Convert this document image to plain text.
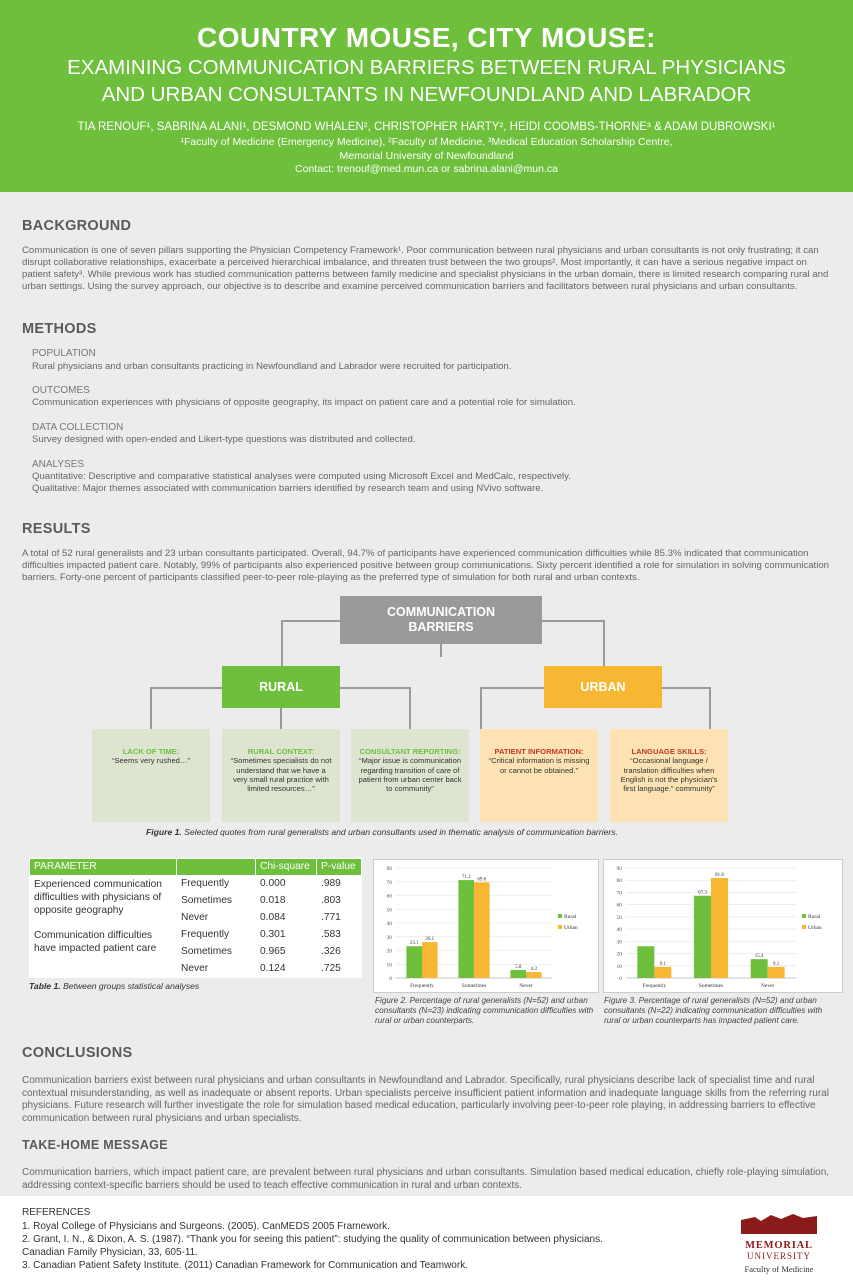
COUNTRY MOUSE, CITY MOUSE:
EXAMINING COMMUNICATION BARRIERS BETWEEN RURAL PHYSICIANS
AND URBAN CONSULTANTS IN NEWFOUNDLAND AND LABRADOR
TIA RENOUF¹, SABRINA ALANI¹, DESMOND WHALEN², CHRISTOPHER HARTY², HEIDI COOMBS-THORNE³ & ADAM DUBROWSKI¹
¹Faculty of Medicine (Emergency Medicine), ²Faculty of Medicine, ³Medical Education Scholarship Centre,
Memorial University of Newfoundland
Contact: trenouf@med.mun.ca or sabrina.alani@mun.ca
BACKGROUND
Communication is one of seven pillars supporting the Physician Competency Framework¹. Poor communication between rural physicians and urban consultants is not only frustrating; it can disrupt collaborative relationships, exacerbate a perceived hierarchical imbalance, and threaten trust between the two groups². Most importantly, it can have a serious negative impact on patient safety³. While previous work has studied communication patterns between family medicine and specialist physicians in the urban domain, there is limited research comparing rural and urban settings. Using the survey approach, our objective is to describe and examine perceived communication barriers and facilitators between rural physicians and urban consultants.
METHODS
POPULATION
Rural physicians and urban consultants practicing in Newfoundland and Labrador were recruited for participation.
OUTCOMES
Communication experiences with physicians of opposite geography, its impact on patient care and a potential role for simulation.
DATA COLLECTION
Survey designed with open-ended and Likert-type questions was distributed and collected.
ANALYSES
Quantitative: Descriptive and comparative statistical analyses were computed using Microsoft Excel and MedCalc, respectively.
Qualitative: Major themes associated with communication barriers identified by research team and using NVivo software.
RESULTS
A total of 52 rural generalists and 23 urban consultants participated. Overall, 94.7% of participants have experienced communication difficulties while 85.3% indicated that communication difficulties impacted patient care. Notably, 99% of participants also experienced positive between group communications. Sixty percent identified a role for simulation in solving communication barriers. Forty-one percent of participants classified peer-to-peer role-playing as the preferred type of simulation for both rural and urban contexts.
COMMUNICATION
BARRIERS
RURAL	URBAN
LACK OF TIME:
“Seems very rushed…”
RURAL CONTEXT:
“Sometimes specialists do not understand that we have a very small rural practice with limited resources…”
CONSULTANT REPORTING:
“Major issue is communication regarding transition of care of patient from urban center back to community”
PATIENT INFORMATION:
“Critical information is missing or cannot be obtained.”
LANGUAGE SKILLS:
“Occasional language / translation difficulties when English is not the physician's first language.” community”
Figure 1. Selected quotes from rural generalists and urban consultants used in thematic analysis of communication barriers.
PARAMETER		Chi-square	P-value
Experienced communication difficulties with physicians of opposite geography	Frequently	0.000	.989
	Sometimes	0.018	.803
	Never	0.084	.771
Communication difficulties have impacted patient care	Frequently	0.301	.583
	Sometimes	0.965	.326
	Never	0.124	.725
Table 1. Between groups statistical analyses
0
10
20
30
40
50
60
70
80
23.1
26.1
Frequently
71.2 69.6
Sometimes
5.8 4.3
Never
Rural
Urban
Figure 2. Percentage of rural generalists (N=52) and urban consultants (N=23) indicating communication difficulties with rural or urban counterparts.
0
10
20
30
40
50
60
70
80
90
9.1
Frequently
67.3
81.8
Sometimes
15.4
9.1
Never
Rural
Urban
Figure 3. Percentage of rural generalists (N=52) and urban consultants (N=22) indicating communication difficulties with rural or urban counterparts has impacted patient care.
CONCLUSIONS
Communication barriers exist between rural physicians and urban consultants in Newfoundland and Labrador. Specifically, rural physicians describe lack of specialist time and rural contextual misunderstanding, as well as inadequate or absent reports. Urban specialists perceive insufficient patient information and inadequate language skills from the referring rural physicians. Future research will further investigate the role for simulation based medical education, particularly involving peer-to-peer role playing, in addressing barriers to effective communication between rural physicians and urban specialists.
TAKE-HOME MESSAGE
Communication barriers, which impact patient care, are prevalent between rural physicians and urban consultants. Simulation based medical education, chiefly role-playing simulation, addressing context-specific barriers should be used to teach effective communication in rural and urban contexts.
REFERENCES
1. Royal College of Physicians and Surgeons. (2005). CanMEDS 2005 Framework.
2. Grant, I. N., & Dixon, A. S. (1987). “Thank you for seeing this patient”: studying the quality of communication between physicians.
Canadian Family Physician, 33, 605-11.
3. Canadian Patient Safety Institute. (2011) Canadian Framework for Communication and Teamwork.
MEMORIAL
UNIVERSITY
Faculty of Medicine
